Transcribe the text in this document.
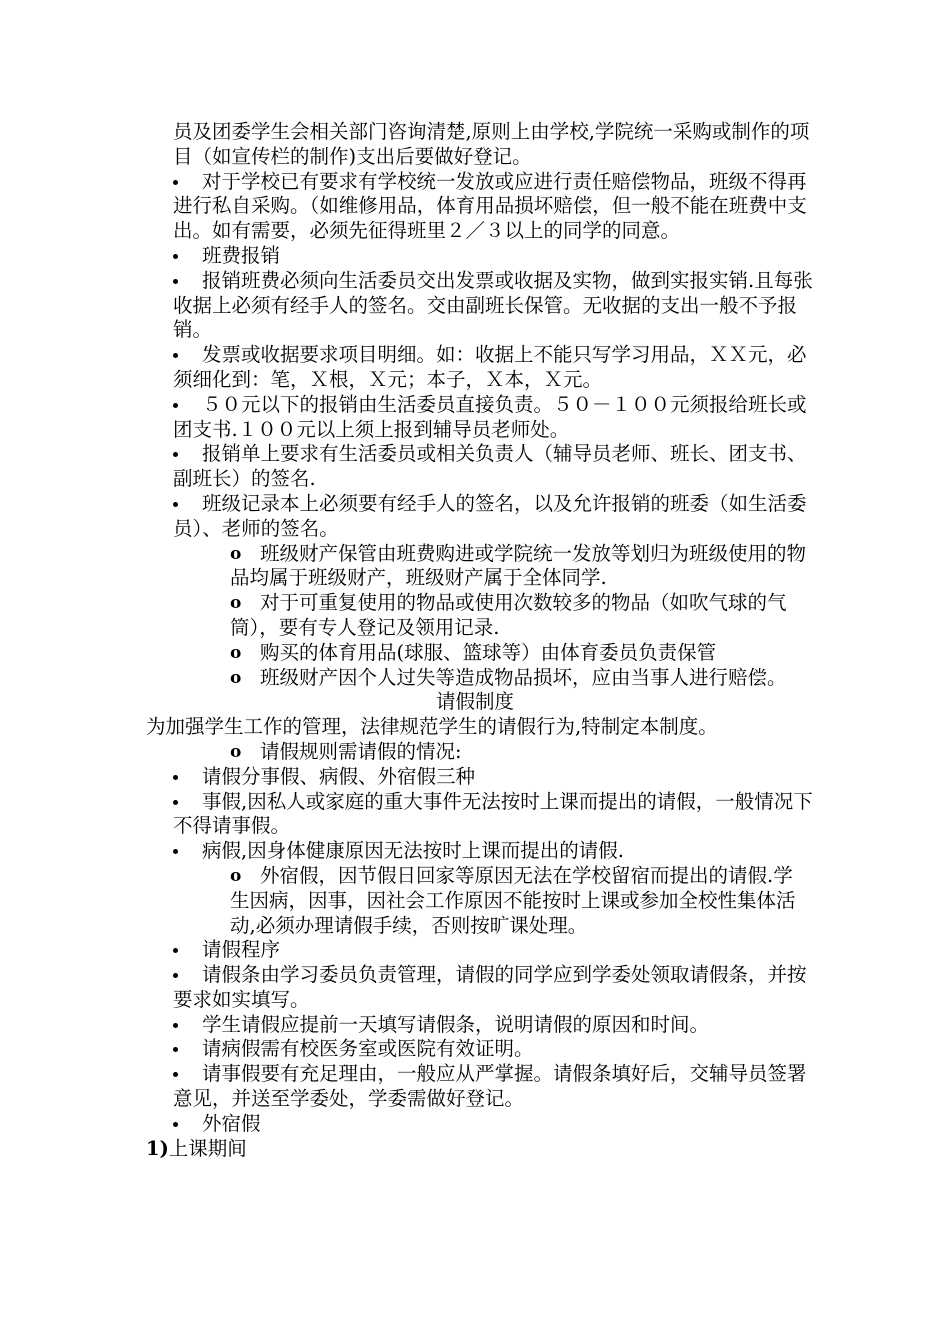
员及团委学生会相关部门咨询清楚,原则上由学校,学院统一采购或制作的项目（如宣传栏的制作)支出后要做好登记。

对于学校已有要求有学校统一发放或应进行责任赔偿物品，班级不得再进行私自采购。（如维修用品，体育用品损坏赔偿，但一般不能在班费中支出。如有需要，必须先征得班里２／３以上的同学的同意。

班费报销

报销班费必须向生活委员交出发票或收据及实物，做到实报实销.且每张收据上必须有经手人的签名。交由副班长保管。无收据的支出一般不予报销。

发票或收据要求项目明细。如：收据上不能只写学习用品，ＸＸ元，必须细化到：笔，Ｘ根，Ｘ元；本子，Ｘ本，Ｘ元。

５０元以下的报销由生活委员直接负责。５０－１００元须报给班长或团支书.１００元以上须上报到辅导员老师处。

报销单上要求有生活委员或相关负责人（辅导员老师、班长、团支书、副班长）的签名.

班级记录本上必须要有经手人的签名，以及允许报销的班委（如生活委员）、老师的签名。

o 班级财产保管由班费购进或学院统一发放等划归为班级使用的物品均属于班级财产，班级财产属于全体同学.

o 对于可重复使用的物品或使用次数较多的物品（如吹气球的气筒），要有专人登记及领用记录.

o 购买的体育用品(球服、篮球等）由体育委员负责保管

o 班级财产因个人过失等造成物品损坏，应由当事人进行赔偿。

请假制度

为加强学生工作的管理，法律规范学生的请假行为,特制定本制度。

o 请假规则需请假的情况:

请假分事假、病假、外宿假三种

事假,因私人或家庭的重大事件无法按时上课而提出的请假，一般情况下不得请事假。

病假,因身体健康原因无法按时上课而提出的请假.

o 外宿假，因节假日回家等原因无法在学校留宿而提出的请假.学生因病，因事，因社会工作原因不能按时上课或参加全校性集体活动,必须办理请假手续，否则按旷课处理。

请假程序

请假条由学习委员负责管理，请假的同学应到学委处领取请假条，并按要求如实填写。

学生请假应提前一天填写请假条，说明请假的原因和时间。

请病假需有校医务室或医院有效证明。

请事假要有充足理由，一般应从严掌握。请假条填好后，交辅导员签署意见，并送至学委处，学委需做好登记。

外宿假

1)上课期间
